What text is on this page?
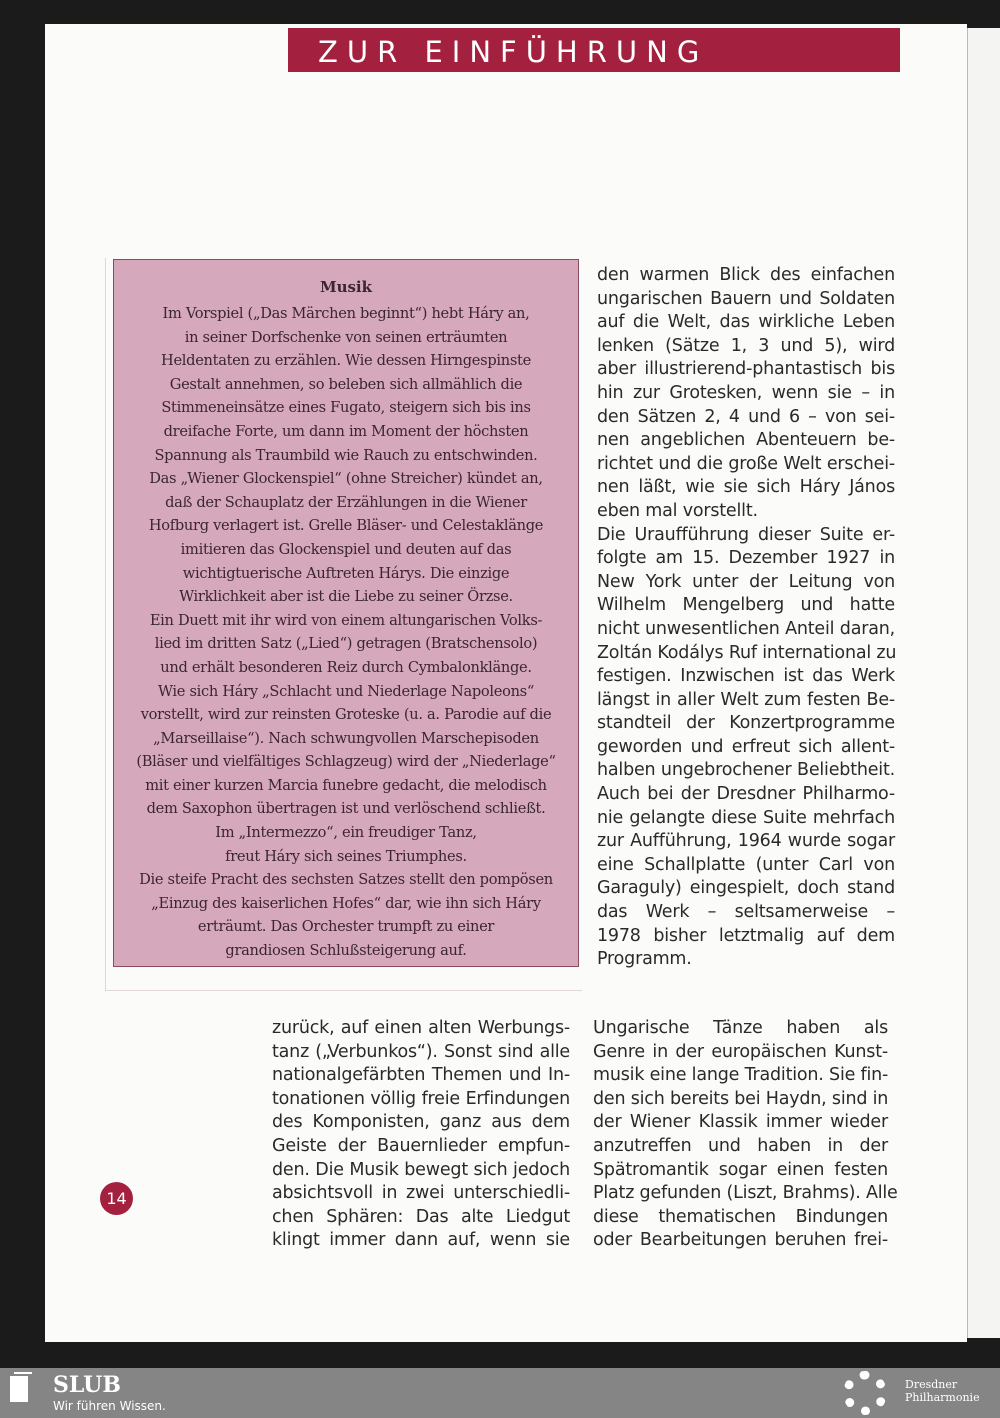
ZUR EINFÜHRUNG
Musik
Im Vorspiel („Das Märchen beginnt“) hebt Háry an,
in seiner Dorfschenke von seinen erträumten
Heldentaten zu erzählen. Wie dessen Hirngespinste
Gestalt annehmen, so beleben sich allmählich die
Stimmeneinsätze eines Fugato, steigern sich bis ins
dreifache Forte, um dann im Moment der höchsten
Spannung als Traumbild wie Rauch zu entschwinden.
Das „Wiener Glockenspiel“ (ohne Streicher) kündet an,
daß der Schauplatz der Erzählungen in die Wiener
Hofburg verlagert ist. Grelle Bläser- und Celestaklänge
imitieren das Glockenspiel und deuten auf das
wichtigtuerische Auftreten Hárys. Die einzige
Wirklichkeit aber ist die Liebe zu seiner Örzse.
Ein Duett mit ihr wird von einem altungarischen Volks-
lied im dritten Satz („Lied“) getragen (Bratschensolo)
und erhält besonderen Reiz durch Cymbalonklänge.
Wie sich Háry „Schlacht und Niederlage Napoleons“
vorstellt, wird zur reinsten Groteske (u. a. Parodie auf die
„Marseillaise“). Nach schwungvollen Marschepisoden
(Bläser und vielfältiges Schlagzeug) wird der „Niederlage“
mit einer kurzen Marcia funebre gedacht, die melodisch
dem Saxophon übertragen ist und verlöschend schließt.
Im „Intermezzo“, ein freudiger Tanz,
freut Háry sich seines Triumphes.
Die steife Pracht des sechsten Satzes stellt den pompösen
„Einzug des kaiserlichen Hofes“ dar, wie ihn sich Háry
erträumt. Das Orchester trumpft zu einer
grandiosen Schlußsteigerung auf.
den warmen Blick des einfachen
ungarischen Bauern und Soldaten
auf die Welt, das wirkliche Leben
lenken (Sätze 1, 3 und 5), wird
aber illustrierend-phantastisch bis
hin zur Grotesken, wenn sie – in
den Sätzen 2, 4 und 6 – von sei-
nen angeblichen Abenteuern be-
richtet und die große Welt erschei-
nen läßt, wie sie sich Háry János
eben mal vorstellt.
Die Uraufführung dieser Suite er-
folgte am 15. Dezember 1927 in
New York unter der Leitung von
Wilhelm Mengelberg und hatte
nicht unwesentlichen Anteil daran,
Zoltán Kodálys Ruf international zu
festigen. Inzwischen ist das Werk
längst in aller Welt zum festen Be-
standteil der Konzertprogramme
geworden und erfreut sich allent-
halben ungebrochener Beliebtheit.
Auch bei der Dresdner Philharmo-
nie gelangte diese Suite mehrfach
zur Aufführung, 1964 wurde sogar
eine Schallplatte (unter Carl von
Garaguly) eingespielt, doch stand
das Werk – seltsamerweise –
1978 bisher letztmalig auf dem
Programm.
zurück, auf einen alten Werbungs-
tanz („Verbunkos“). Sonst sind alle
nationalgefärbten Themen und In-
tonationen völlig freie Erfindungen
des Komponisten, ganz aus dem
Geiste der Bauernlieder empfun-
den. Die Musik bewegt sich jedoch
absichtsvoll in zwei unterschiedli-
chen Sphären: Das alte Liedgut
klingt immer dann auf, wenn sie
Ungarische Tänze haben als
Genre in der europäischen Kunst-
musik eine lange Tradition. Sie fin-
den sich bereits bei Haydn, sind in
der Wiener Klassik immer wieder
anzutreffen und haben in der
Spätromantik sogar einen festen
Platz gefunden (Liszt, Brahms). Alle
diese thematischen Bindungen
oder Bearbeitungen beruhen frei-
14
SLUB
Wir führen Wissen.
Dresdner
Philharmonie
